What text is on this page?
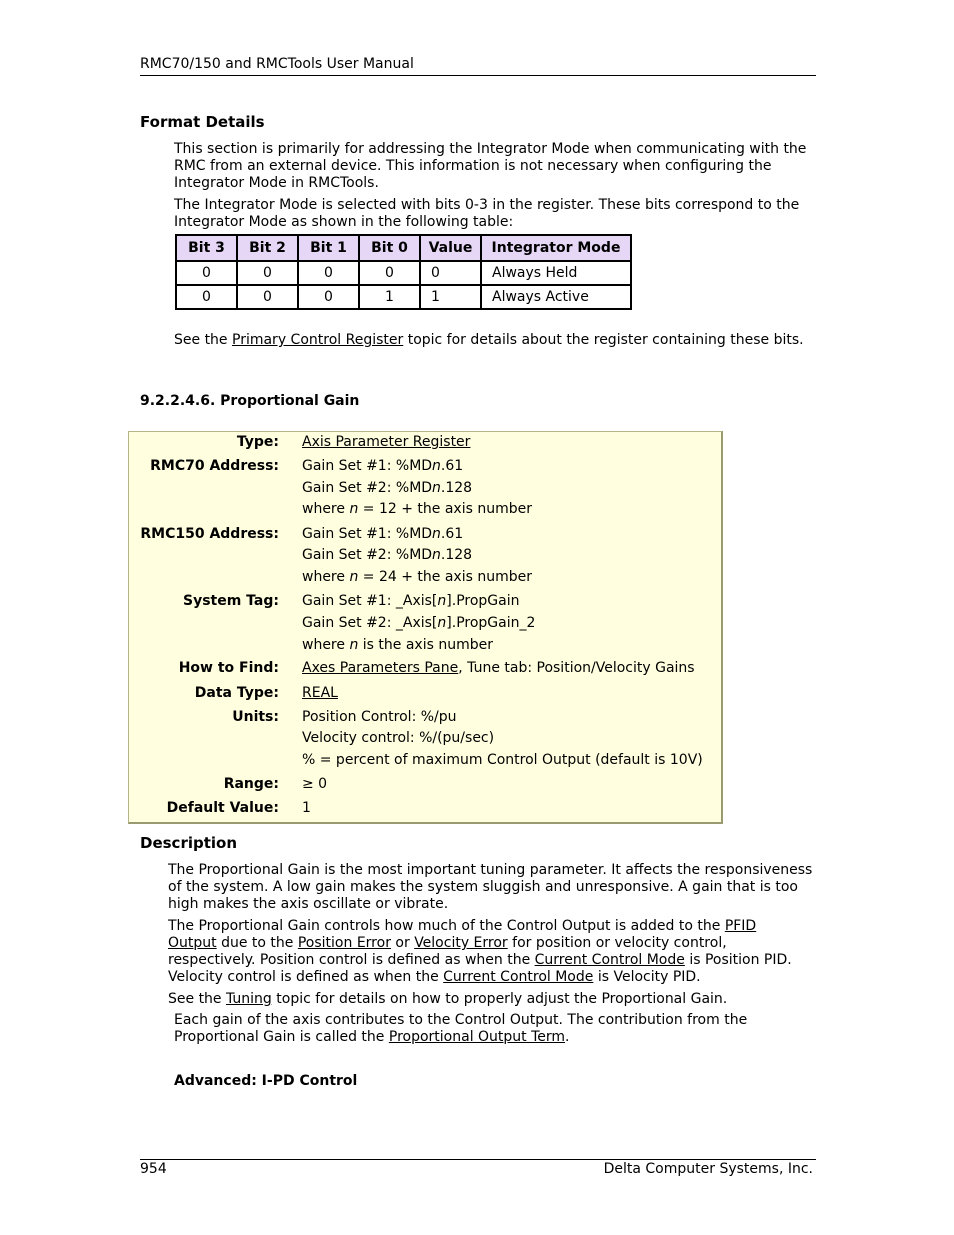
RMC70/150 and RMCTools User Manual
Format Details

This section is primarily for addressing the Integrator Mode when communicating with the RMC from an external device. This information is not necessary when configuring the Integrator Mode in RMCTools.

The Integrator Mode is selected with bits 0-3 in the register. These bits correspond to the Integrator Mode as shown in the following table:

Bit 3	Bit 2	Bit 1	Bit 0	Value	Integrator Mode
0	0	0	0	0	Always Held
0	0	0	1	1	Always Active

See the Primary Control Register topic for details about the register containing these bits.

9.2.2.4.6. Proportional Gain
Type: Axis Parameter Register
RMC70 Address: Gain Set #1: %MDn.61
Gain Set #2: %MDn.128
where n = 12 + the axis number
RMC150 Address: Gain Set #1: %MDn.61
Gain Set #2: %MDn.128
where n = 24 + the axis number
System Tag: Gain Set #1: _Axis[n].PropGain
Gain Set #2: _Axis[n].PropGain_2
where n is the axis number
How to Find: Axes Parameters Pane, Tune tab: Position/Velocity Gains
Data Type: REAL
Units: Position Control: %/pu
Velocity control: %/(pu/sec)
% = percent of maximum Control Output (default is 10V)
Range: ≥ 0
Default Value: 1
Description

The Proportional Gain is the most important tuning parameter. It affects the responsiveness of the system. A low gain makes the system sluggish and unresponsive. A gain that is too high makes the axis oscillate or vibrate.

The Proportional Gain controls how much of the Control Output is added to the PFID
Output due to the Position Error or Velocity Error for position or velocity control,
respectively. Position control is defined as when the Current Control Mode is Position PID.
Velocity control is defined as when the Current Control Mode is Velocity PID.

See the Tuning topic for details on how to properly adjust the Proportional Gain.

Each gain of the axis contributes to the Control Output. The contribution from the Proportional Gain is called the Proportional Output Term.

Advanced: I-PD Control
954	Delta Computer Systems, Inc.
